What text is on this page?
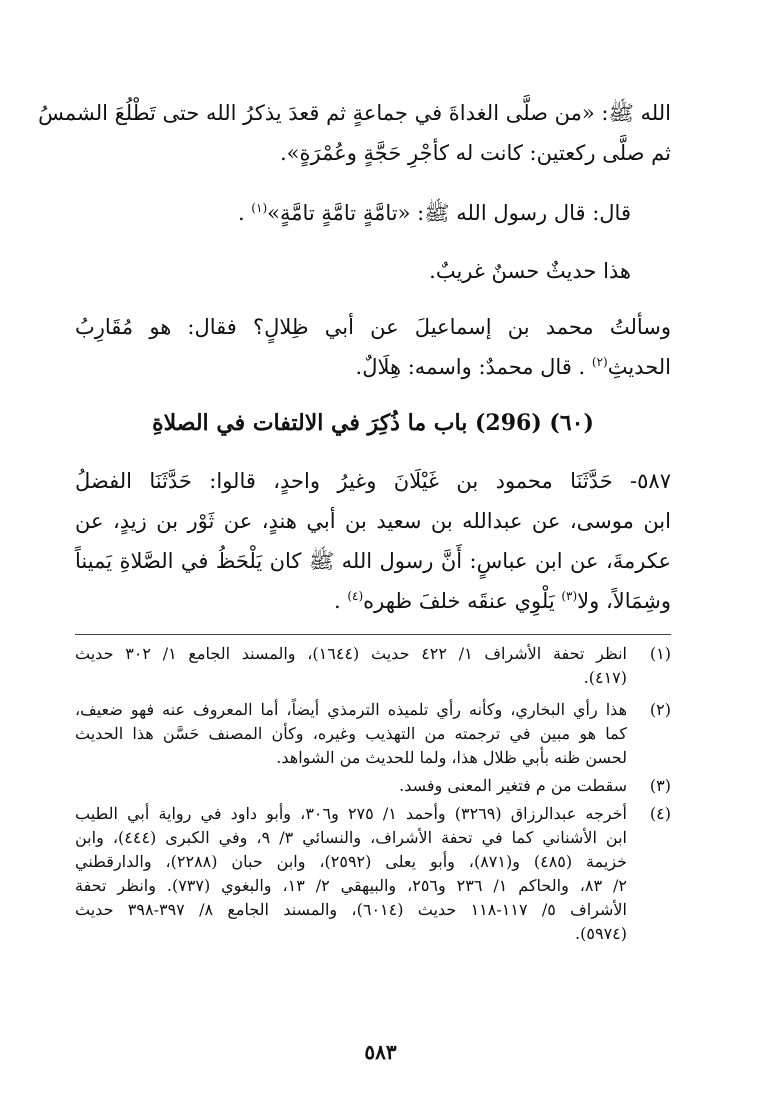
الله ﷺ: «من صلَّى الغداةَ في جماعةٍ ثم قعدَ يذكرُ الله حتى تَطْلُعَ الشمسُ
ثم صلَّى ركعتين: كانت له كأجْرِ حَجَّةٍ وعُمْرَةٍ».
قال: قال رسول الله ﷺ: «تامَّةٍ تامَّةٍ تامَّةٍ»$^{(١)}$ .
هذا حديثٌ حسنٌ غريبٌ.
وسألتُ محمد بن إسماعيلَ عن أبي ظِلالٍ؟ فقال: هو مُقَارِبُ
الحديثِ$^{(٢)}$ . قال محمدٌ: واسمه: هِلَالٌ.
(٦٠) (296) باب ما ذُكِرَ في الالتفات في الصلاةِ
٥٨٧- حَدَّثَنَا محمود بن غَيْلَانَ وغيرُ واحدٍ، قالوا: حَدَّثَنَا الفضلُ
ابن موسى، عن عبدالله بن سعيد بن أبي هندٍ، عن ثَوْر بن زيدٍ، عن
عكرمةَ، عن ابن عباسٍ: أَنَّ رسول الله ﷺ كان يَلْحَظُ في الصَّلاةِ يَميناً
وشِمَالاً، ولا$^{(٣)}$ يَلْوِي عنقَه خلفَ ظهره$^{(٤)}$ .
(١)
انظر تحفة الأشراف ١/ ٤٢٢ حديث (١٦٤٤)، والمسند الجامع ١/ ٣٠٢ حديث
(٤١٧).
(٢)
هذا رأي البخاري، وكأنه رأي تلميذه الترمذي أيضاً، أما المعروف عنه فهو ضعيف،
كما هو مبين في ترجمته من التهذيب وغيره، وكأن المصنف حَسَّن هذا الحديث
لحسن ظنه بأبي ظلال هذا، ولما للحديث من الشواهد.
(٣)
سقطت من م فتغير المعنى وفسد.
(٤)
أخرجه عبدالرزاق (٣٢٦٩) وأحمد ١/ ٢٧٥ و٣٠٦، وأبو داود في رواية أبي الطيب
ابن الأشناني كما في تحفة الأشراف، والنسائي ٣/ ٩، وفي الكبرى (٤٤٤)، وابن
خزيمة (٤٨٥) و(٨٧١)، وأبو يعلى (٢٥٩٢)، وابن حبان (٢٢٨٨)، والدارقطني
٢/ ٨٣، والحاكم ١/ ٢٣٦ و٢٥٦، والبيهقي ٢/ ١٣، والبغوي (٧٣٧). وانظر تحفة
الأشراف ٥/ ١١٧-١١٨ حديث (٦٠١٤)، والمسند الجامع ٨/ ٣٩٧-٣٩٨ حديث
(٥٩٧٤).
٥٨٣
